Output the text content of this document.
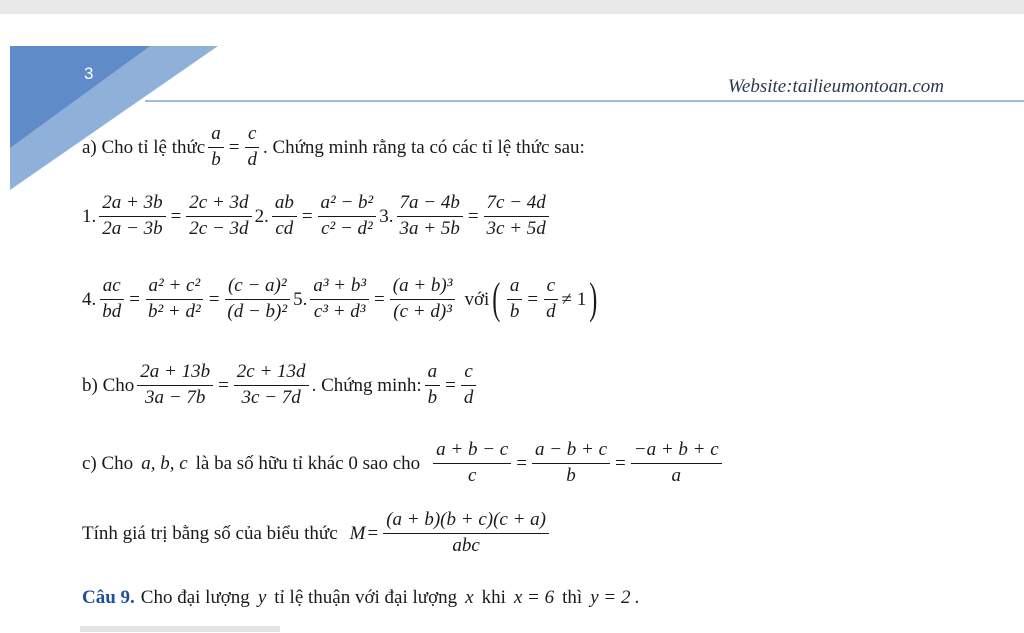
3
Website:tailieumontoan.com
a) Cho tỉ lệ thức $\frac{a}{b} = \frac{c}{d}$ . Chứng minh rằng ta có các tỉ lệ thức sau:
1. $\frac{2a + 3b}{2a - 3b} = \frac{2c + 3d}{2c - 3d} 2$. $\frac{ab}{cd} = \frac{\text{a² − b²}}{\text{c² − d²}} 3$. $\frac{7a - 4b}{3a + 5b} = \frac{7c - 4d}{3c + 5d}$
4. $\frac{ac}{bd} = \frac{\text{a² + c²}}{\text{b² + d²}} = \frac{\text{(c − a)²}}{\text{(d − b)²}} 5$. $\frac{\text{a³ + b³}}{\text{c³ + d³}} = \frac{\text{(a + b)³}}{\text{(c + d)³}}$ với ( $\frac{a}{b} = \frac{c}{d} \ne 1$ )
b) Cho $\frac{2a + 13b}{3a - 7b} = \frac{2c + 13d}{3c - 7d}$ . Chứng minh: $\frac{a}{b} = \frac{c}{d}$
c) Cho a, b, c là ba số hữu tỉ khác 0 sao cho $\frac{a + b - c}{c} = \frac{a - b + c}{b} = \frac{-a + b + c}{a}$
Tính giá trị bằng số của biểu thức $M = \frac{(a + b)(b + c)(c + a)}{\text{abc}}$
Câu 9. Cho đại lượng y tỉ lệ thuận với đại lượng x khi x = 6 thì y = 2 .
